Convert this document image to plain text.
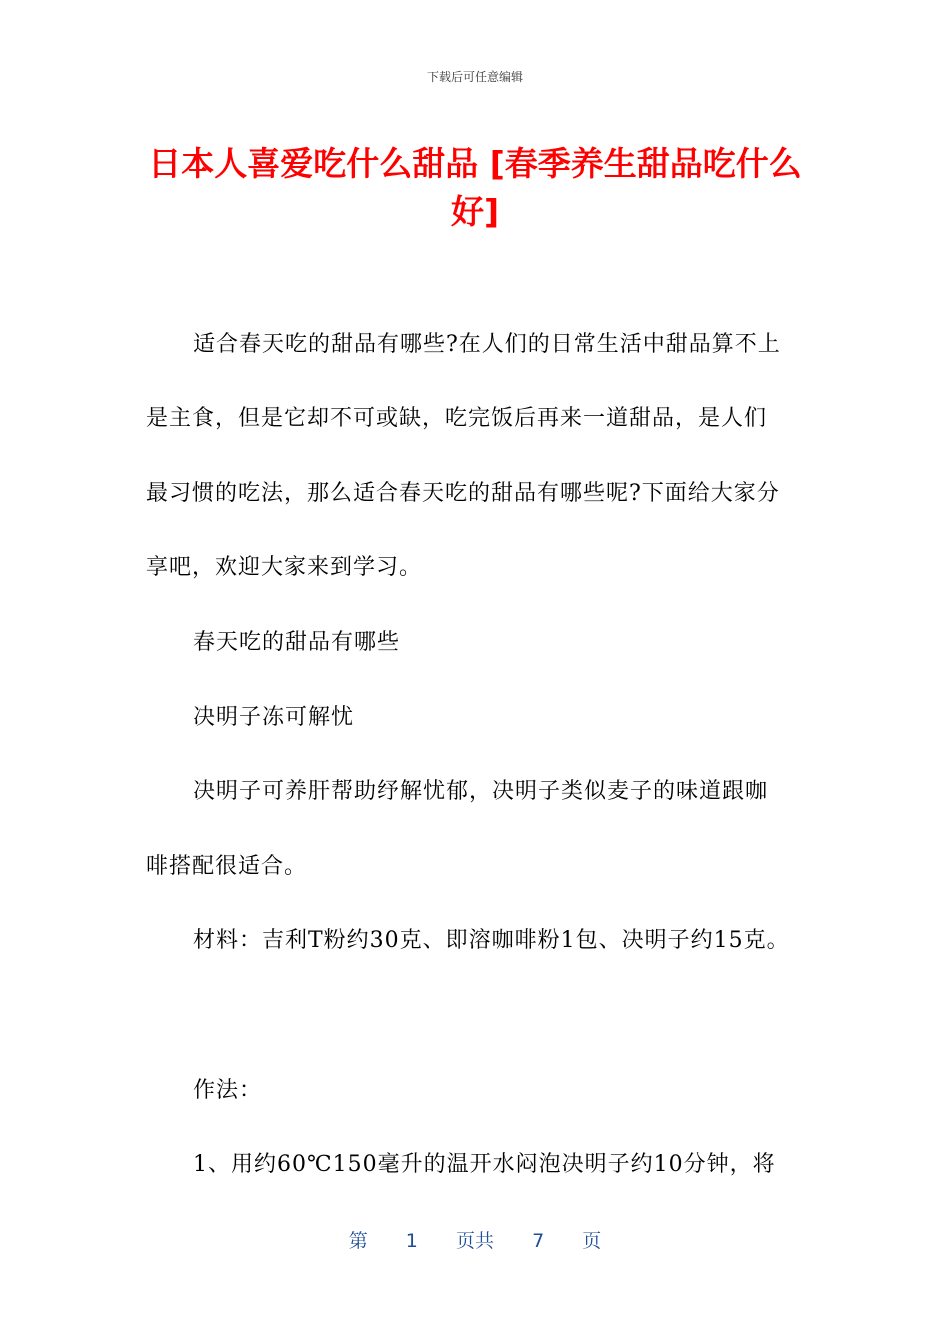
下载后可任意编辑
日本人喜爱吃什么甜品 [春季养生甜品吃什么好]
适合春天吃的甜品有哪些?在人们的日常生活中甜品算不上
是主食，但是它却不可或缺，吃完饭后再来一道甜品，是人们
最习惯的吃法，那么适合春天吃的甜品有哪些呢?下面给大家分
享吧，欢迎大家来到学习。
春天吃的甜品有哪些
决明子冻可解忧
决明子可养肝帮助纾解忧郁，决明子类似麦子的味道跟咖
啡搭配很适合。
材料：吉利T粉约30克、即溶咖啡粉1包、决明子约15克。
作法：
1、用约60℃150毫升的温开水闷泡决明子约10分钟，将
第 1 页共 7 页
